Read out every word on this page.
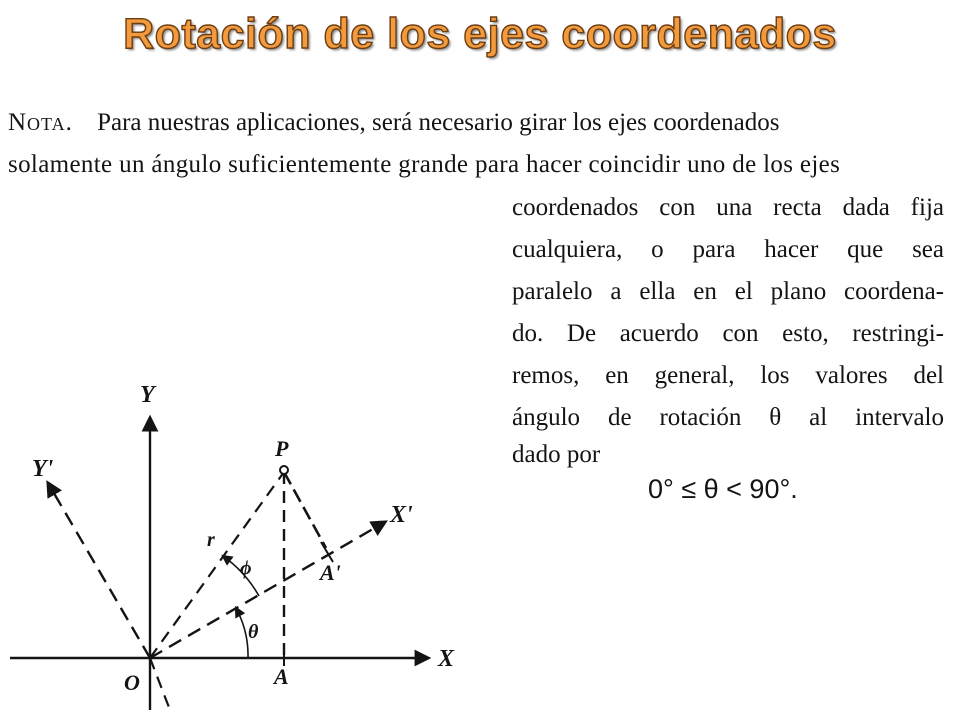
Rotación de los ejes coordenados
Nota. Para nuestras aplicaciones, será necesario girar los ejes coordenados
solamente un ángulo suficientemente grande para hacer coincidir uno de los ejes
coordenados con una recta dada fija
cualquiera, o para hacer que sea
paralelo a ella en el plano coordena-
do. De acuerdo con esto, restringi-
remos, en general, los valores del
ángulo de rotación θ al intervalo
dado por
0° ≤ θ < 90°.
Y
X
Y'
X'
P
r
ϕ
θ
A'
A
O
